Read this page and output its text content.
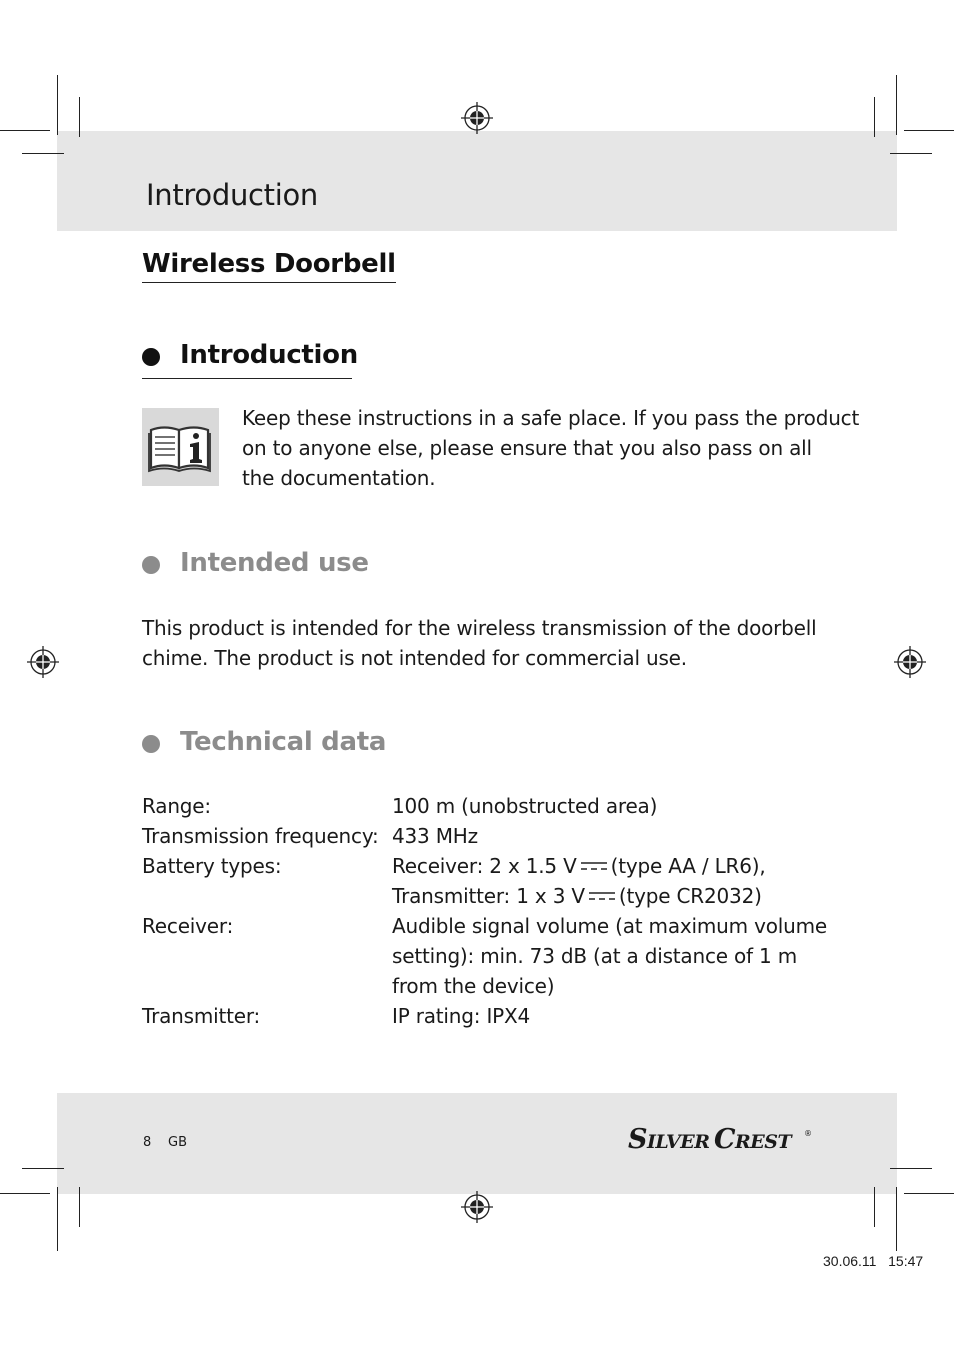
Introduction
Wireless Doorbell
Introduction
Keep these instructions in a safe place. If you pass the product
on to anyone else, please ensure that you also pass on all
the documentation.
Intended use
This product is intended for the wireless transmission of the doorbell
chime. The product is not intended for commercial use.
Technical data
Range:	100 m (unobstructed area)
Transmission frequency: 433 MHz
Battery types:	Receiver: 2 x 1.5 V (type AA / LR6),
Transmitter: 1 x 3 V (type CR2032)
Receiver:	Audible signal volume (at maximum volume
setting): min. 73 dB (at a distance of 1 m
from the device)
Transmitter:	IP rating: IPX4
8 GB	S ILVER C REST ®
30.06.11   15:47
